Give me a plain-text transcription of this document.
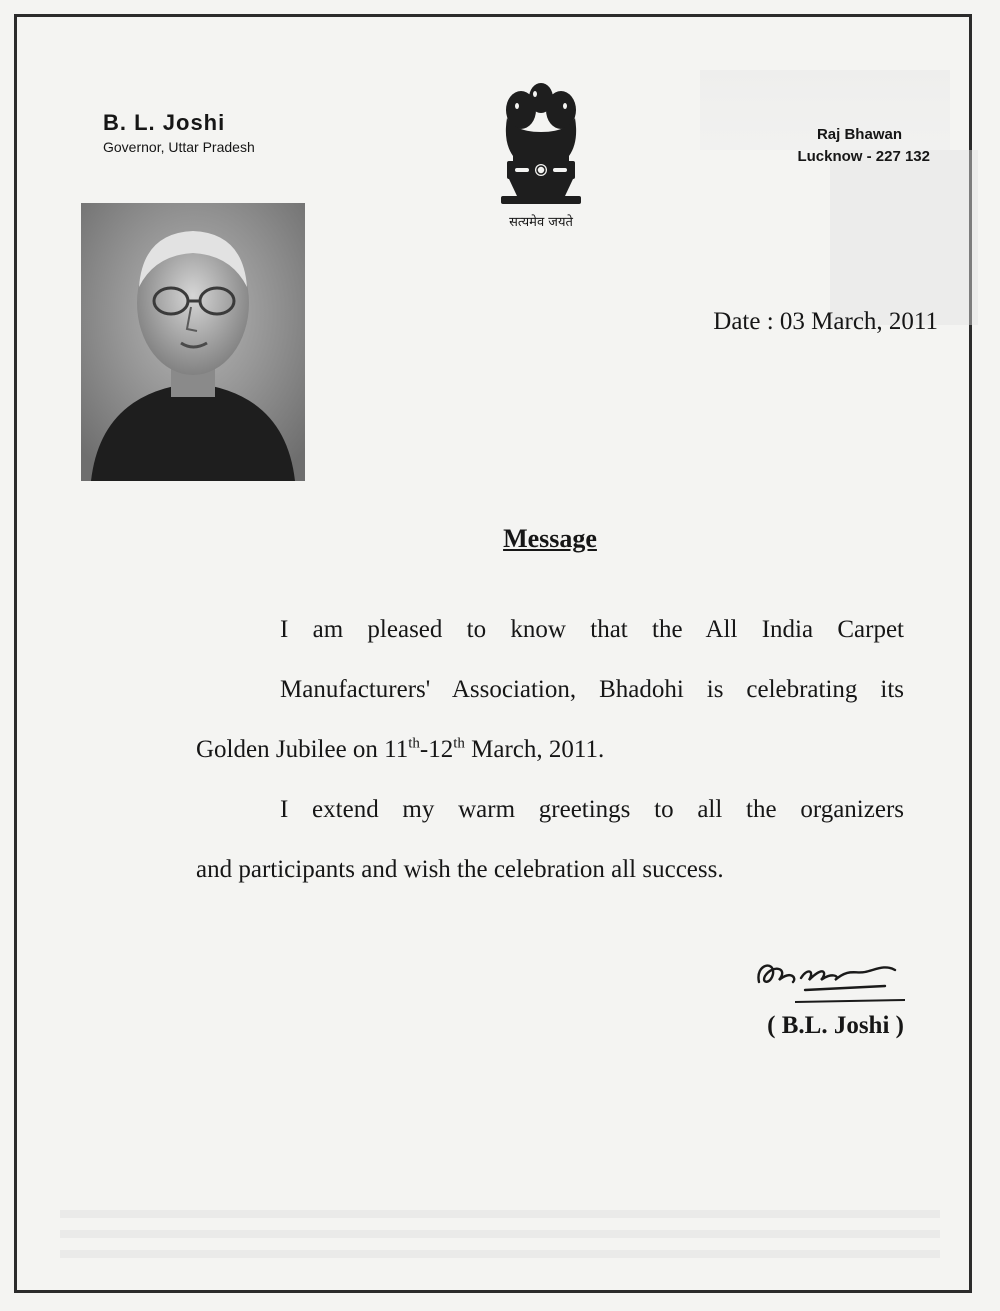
B. L. Joshi
Governor, Uttar Pradesh
सत्यमेव जयते
Raj Bhawan
Lucknow - 227 132
Date : 03 March, 2011
Message

I am pleased to know that the All India Carpet
Manufacturers' Association, Bhadohi is celebrating its
Golden Jubilee on 11th-12th March, 2011.

I extend my warm greetings to all the organizers
and participants and wish the celebration all success.

( B.L. Joshi )
